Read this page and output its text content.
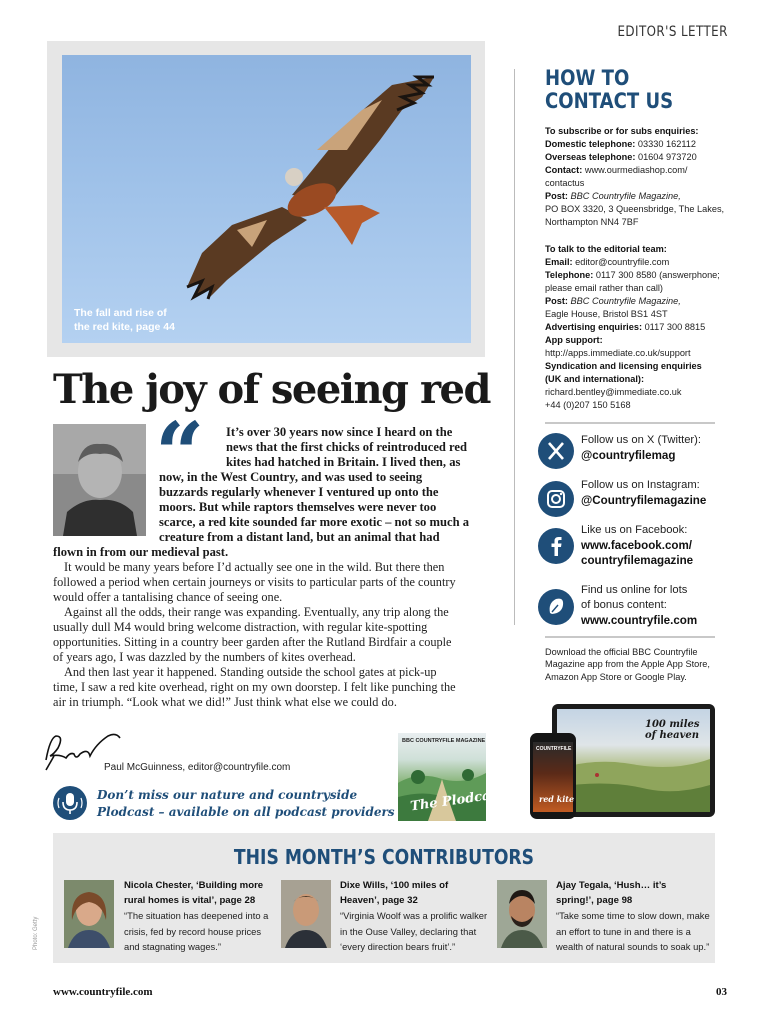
EDITOR'S LETTER
The fall and rise of
the red kite, page 44
The joy of seeing red
“ It’s over 30 years now since I heard on the
news that the first chicks of reintroduced red
kites had hatched in Britain. I lived then, as
now, in the West Country, and was used to seeing
buzzards regularly whenever I ventured up onto the
moors. But while raptors themselves were never too
scarce, a red kite sounded far more exotic – not so much a
creature from a distant land, but an animal that had
flown in from our medieval past.
It would be many years before I’d actually see one in the wild. But there then
followed a period when certain journeys or visits to particular parts of the country
would offer a tantalising chance of seeing one.
Against all the odds, their range was expanding. Eventually, any trip along the
usually dull M4 would bring welcome distraction, with regular kite-spotting
opportunities. Sitting in a country beer garden after the Rutland Birdfair a couple
of years ago, I was dazzled by the numbers of kites overhead.
And then last year it happened. Standing outside the school gates at pick-up
time, I saw a red kite overhead, right on my own doorstep. I felt like punching the
air in triumph. “Look what we did!” Just think what else we could do.
Paul McGuinness, editor@countryfile.com
Don’t miss our nature and countryside
Plodcast – available on all podcast providers
BBC COUNTRYFILE MAGAZINE
The Plodcast
HOW TO
CONTACT US
To subscribe or for subs enquiries:
Domestic telephone: 03330 162112
Overseas telephone: 01604 973720
Contact: www.ourmediashop.com/
contactus
Post: BBC Countryfile Magazine,
PO BOX 3320, 3 Queensbridge, The Lakes,
Northampton NN4 7BF
To talk to the editorial team:
Email: editor@countryfile.com
Telephone: 0117 300 8580 (answerphone;
please email rather than call)
Post: BBC Countryfile Magazine,
Eagle House, Bristol BS1 4ST
Advertising enquiries: 0117 300 8815
App support:
http://apps.immediate.co.uk/support
Syndication and licensing enquiries
(UK and international):
richard.bentley@immediate.co.uk
+44 (0)207 150 5168
Follow us on X (Twitter):
@countryfilemag
Follow us on Instagram:
@Countryfilemagazine
Like us on Facebook:
www.facebook.com/
countryfilemagazine
Find us online for lots
of bonus content:
www.countryfile.com
Download the official BBC Countryfile
Magazine app from the Apple App Store,
Amazon App Store or Google Play.
100 miles
of heaven
COUNTRYFILE
red kite
THIS MONTH’S CONTRIBUTORS
Nicola Chester, ‘Building more
rural homes is vital’, page 28
“The situation has deepened into a
crisis, fed by record house prices
and stagnating wages.”
Dixe Wills, ‘100 miles of
Heaven’, page 32
“Virginia Woolf was a prolific walker
in the Ouse Valley, declaring that
‘every direction bears fruit’.”
Ajay Tegala, ‘Hush… it’s
spring!’, page 98
“Take some time to slow down, make
an effort to tune in and there is a
wealth of natural sounds to soak up.”
Photo: Getty
www.countryfile.com	03
